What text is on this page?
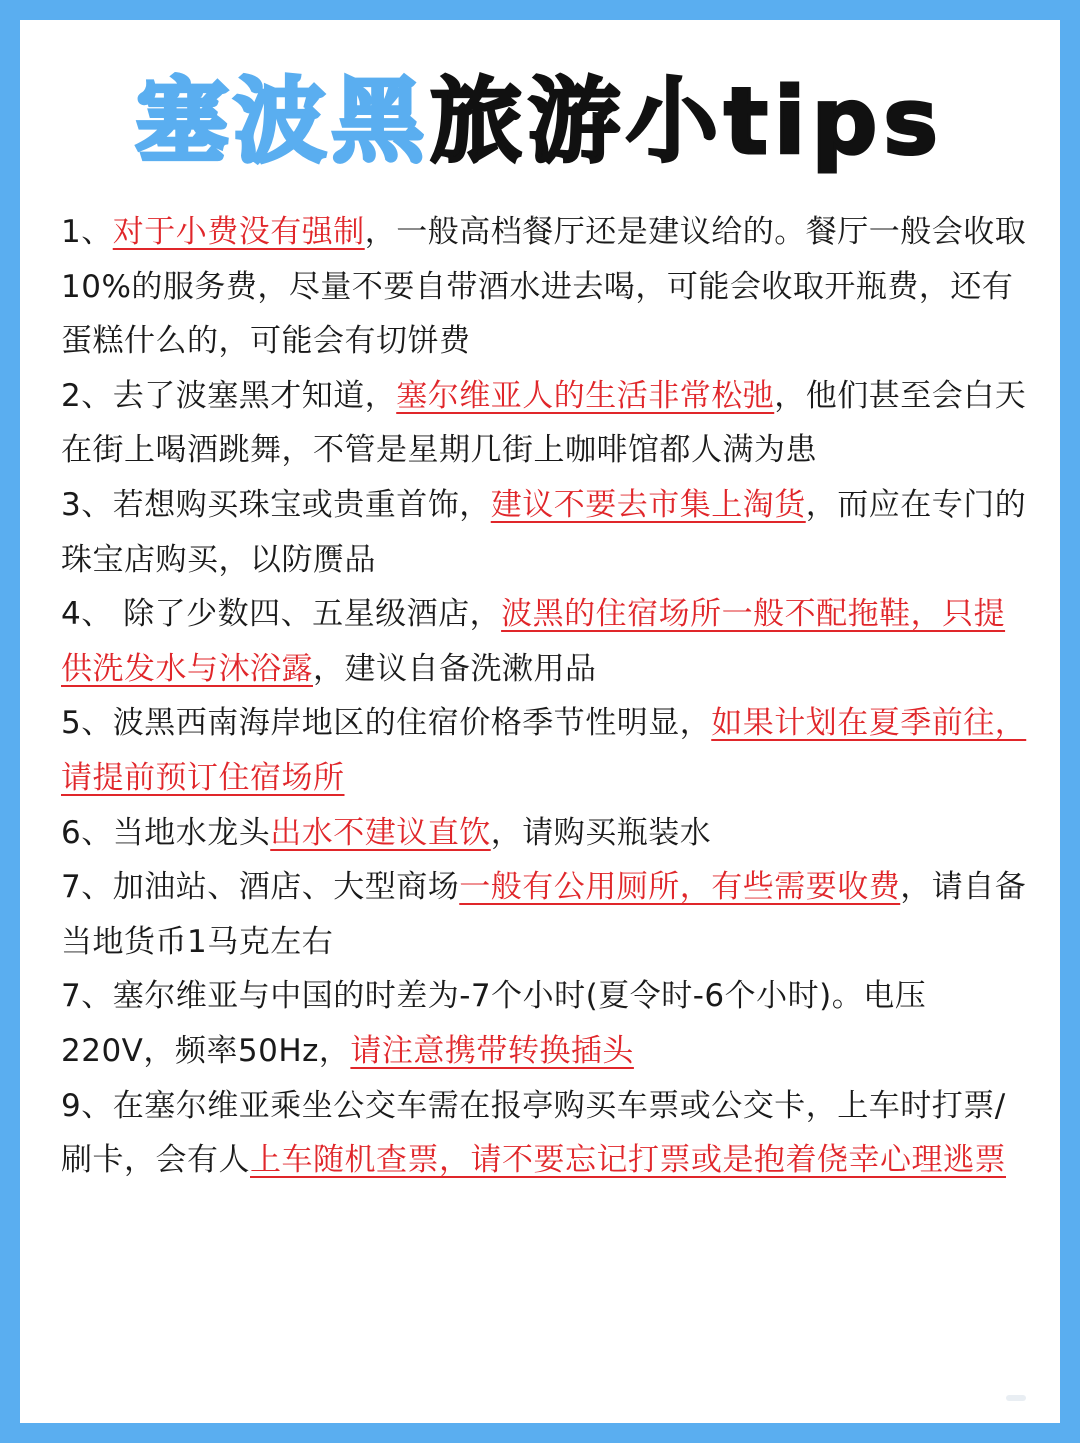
塞波黑旅游小tips

1、对于小费没有强制，一般高档餐厅还是建议给的。餐厅一般会收取10%的服务费，尽量不要自带酒水进去喝，可能会收取开瓶费，还有蛋糕什么的，可能会有切饼费

2、去了波塞黑才知道，塞尔维亚人的生活非常松弛，他们甚至会白天在街上喝酒跳舞，不管是星期几街上咖啡馆都人满为患

3、若想购买珠宝或贵重首饰，建议不要去市集上淘货，而应在专门的珠宝店购买，以防赝品

4、 除了少数四、五星级酒店，波黑的住宿场所一般不配拖鞋，只提供洗发水与沐浴露，建议自备洗漱用品

5、波黑西南海岸地区的住宿价格季节性明显，如果计划在夏季前往，请提前预订住宿场所

6、当地水龙头出水不建议直饮，请购买瓶装水

7、加油站、酒店、大型商场一般有公用厕所，有些需要收费，请自备当地货币1马克左右

7、塞尔维亚与中国的时差为-7个小时(夏令时-6个小时)。电压220V，频率50Hz，请注意携带转换插头

9、在塞尔维亚乘坐公交车需在报亭购买车票或公交卡，上车时打票/刷卡，会有人上车随机查票，请不要忘记打票或是抱着侥幸心理逃票
